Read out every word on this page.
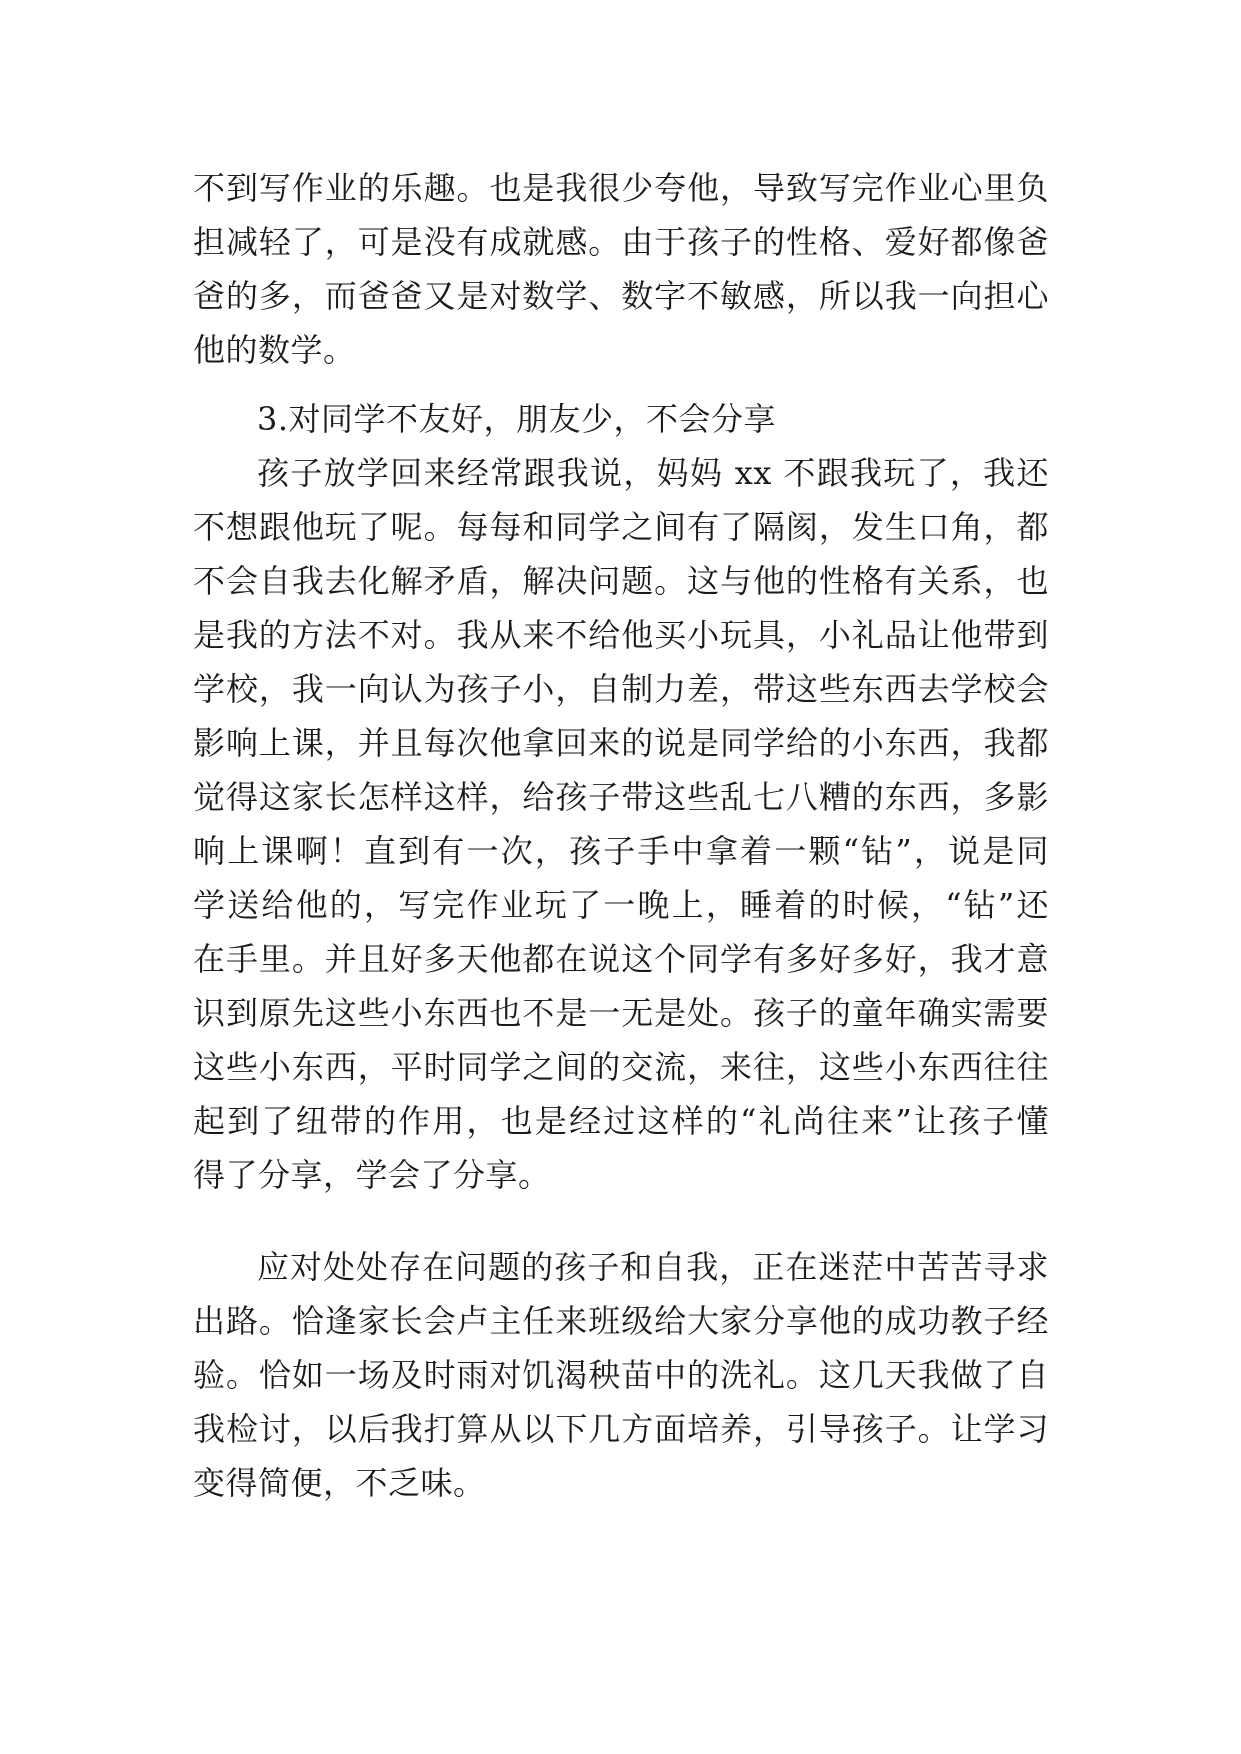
不到写作业的乐趣。也是我很少夸他，导致写完作业心里负
担减轻了，可是没有成就感。由于孩子的性格、爱好都像爸
爸的多，而爸爸又是对数学、数字不敏感，所以我一向担心
他的数学。
3.对同学不友好，朋友少，不会分享
孩子放学回来经常跟我说，妈妈 xx 不跟我玩了，我还
不想跟他玩了呢。每每和同学之间有了隔阂，发生口角，都
不会自我去化解矛盾，解决问题。这与他的性格有关系，也
是我的方法不对。我从来不给他买小玩具，小礼品让他带到
学校，我一向认为孩子小，自制力差，带这些东西去学校会
影响上课，并且每次他拿回来的说是同学给的小东西，我都
觉得这家长怎样这样，给孩子带这些乱七八糟的东西，多影
响上课啊！直到有一次，孩子手中拿着一颗“钻”，说是同
学送给他的，写完作业玩了一晚上，睡着的时候，“钻”还
在手里。并且好多天他都在说这个同学有多好多好，我才意
识到原先这些小东西也不是一无是处。孩子的童年确实需要
这些小东西，平时同学之间的交流，来往，这些小东西往往
起到了纽带的作用，也是经过这样的“礼尚往来”让孩子懂
得了分享，学会了分享。
应对处处存在问题的孩子和自我，正在迷茫中苦苦寻求
出路。恰逢家长会卢主任来班级给大家分享他的成功教子经
验。恰如一场及时雨对饥渴秧苗中的洗礼。这几天我做了自
我检讨，以后我打算从以下几方面培养，引导孩子。让学习
变得简便，不乏味。
